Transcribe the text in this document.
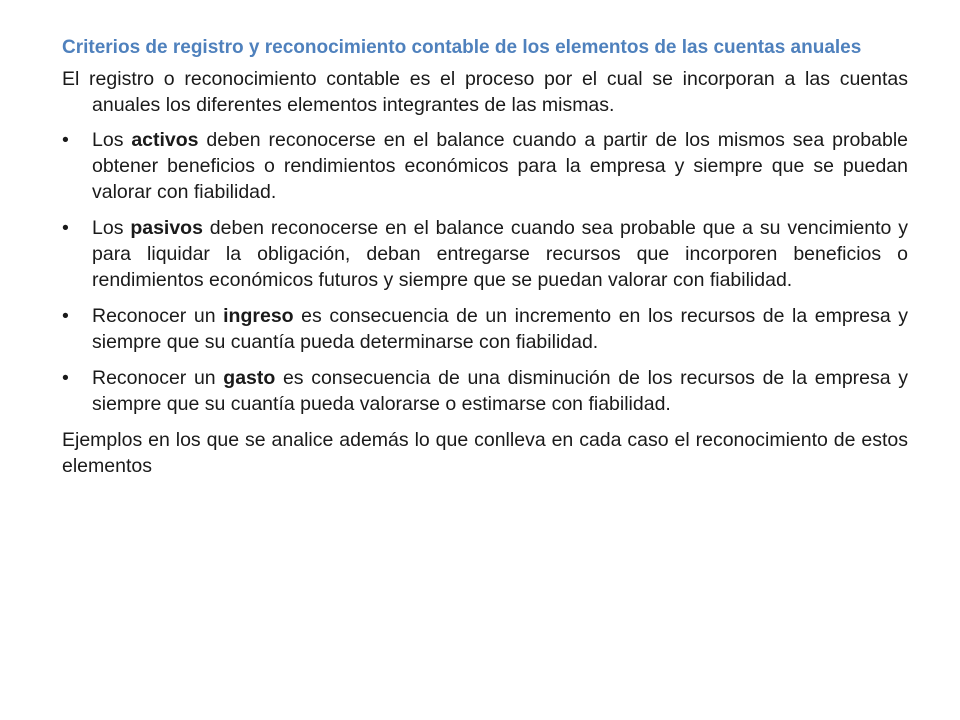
Criterios de registro y reconocimiento contable de los elementos de las cuentas anuales
El registro o reconocimiento contable es el proceso por el cual se incorporan a las cuentas anuales los diferentes elementos integrantes de las mismas.
•	Los activos deben reconocerse en el balance cuando a partir de los mismos sea probable obtener beneficios o rendimientos económicos para la empresa y siempre que se puedan valorar con fiabilidad.
•	Los pasivos deben reconocerse en el balance cuando sea probable que a su vencimiento y para liquidar la obligación, deban entregarse recursos que incorporen beneficios o rendimientos económicos futuros y siempre que se puedan valorar con fiabilidad.
•	Reconocer un ingreso es consecuencia de un incremento en los recursos de la empresa y siempre que su cuantía pueda determinarse con fiabilidad.
•	Reconocer un gasto es consecuencia de una disminución de los recursos de la empresa y siempre que su cuantía pueda valorarse o estimarse con fiabilidad.
Ejemplos en los que se analice además lo que conlleva en cada caso el reconocimiento de estos elementos
